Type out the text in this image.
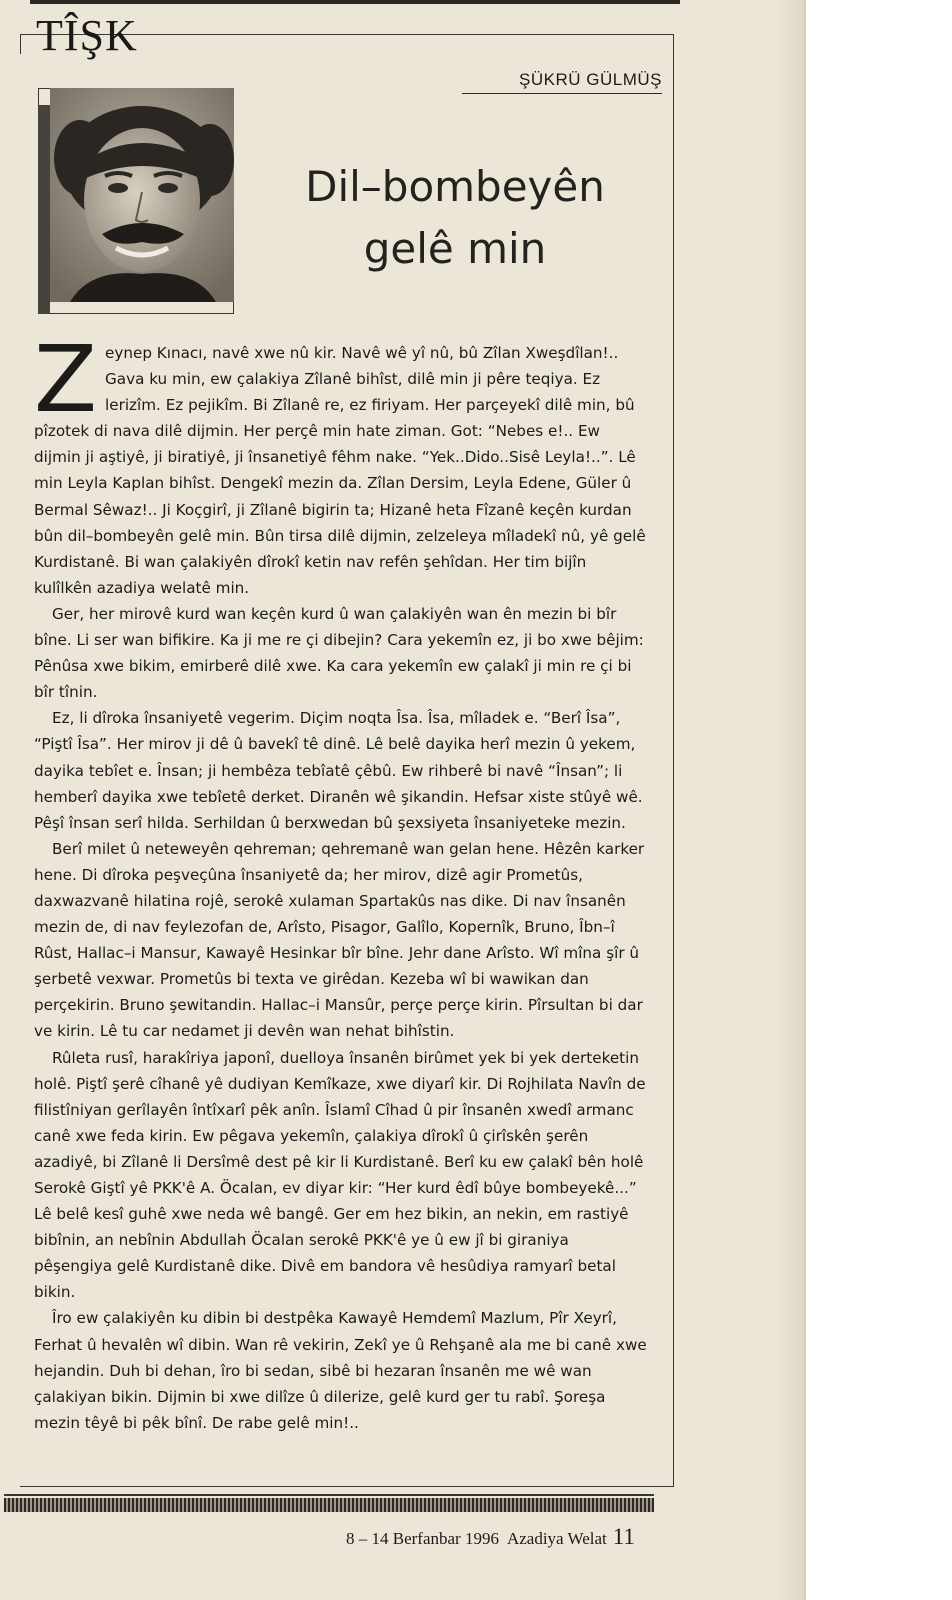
TÎŞK
ŞÜKRÜ GÜLMÜŞ
Dil–bombeyên
gelê min

Zeynep Kınacı, navê xwe nû kir. Navê wê yî nû, bû Zîlan Xweşdîlan!.. Gava ku min, ew çalakiya Zîlanê bihîst, dilê min ji pêre teqiya. Ez lerizîm. Ez pejikîm. Bi Zîlanê re, ez firiyam. Her parçeyekî dilê min, bû pîzotek di nava dilê dijmin. Her perçê min hate ziman. Got: “Nebes e!.. Ew dijmin ji aştiyê, ji biratiyê, ji însanetiyê fêhm nake. “Yek..Dido..Sisê Leyla!..”. Lê min Leyla Kaplan bihîst. Dengekî mezin da. Zîlan Dersim, Leyla Edene, Güler û Bermal Sêwaz!.. Ji Koçgirî, ji Zîlanê bigirin ta; Hizanê heta Fîzanê keçên kurdan bûn dil–bombeyên gelê min. Bûn tirsa dilê dijmin, zelzeleya mîladekî nû, yê gelê Kurdistanê. Bi wan çalakiyên dîrokî ketin nav refên şehîdan. Her tim bijîn kulîlkên azadiya welatê min.

Ger, her mirovê kurd wan keçên kurd û wan çalakiyên wan ên mezin bi bîr bîne. Li ser wan bifikire. Ka ji me re çi dibejin? Cara yekemîn ez, ji bo xwe bêjim: Pênûsa xwe bikim, emirberê dilê xwe. Ka cara yekemîn ew çalakî ji min re çi bi bîr tînin.

Ez, li dîroka însaniyetê vegerim. Diçim noqta Îsa. Îsa, mîladek e. “Berî Îsa”, “Piştî Îsa”. Her mirov ji dê û bavekî tê dinê. Lê belê dayika herî mezin û yekem, dayika tebîet e. Însan; ji hembêza tebîatê çêbû. Ew rihberê bi navê “Însan”; li hemberî dayika xwe tebîetê derket. Diranên wê şikandin. Hefsar xiste stûyê wê. Pêşî însan serî hilda. Serhildan û berxwedan bû şexsiyeta însaniyeteke mezin.

Berî milet û neteweyên qehreman; qehremanê wan gelan hene. Hêzên karker hene. Di dîroka peşveçûna însaniyetê da; her mirov, dizê agir Prometûs, daxwazvanê hilatina rojê, serokê xulaman Spartakûs nas dike. Di nav însanên mezin de, di nav feylezofan de, Arîsto, Pisagor, Galîlo, Kopernîk, Bruno, Îbn–î Rûst, Hallac–i Mansur, Kawayê Hesinkar bîr bîne. Jehr dane Arîsto. Wî mîna şîr û şerbetê vexwar. Prometûs bi texta ve girêdan. Kezeba wî bi wawikan dan perçekirin. Bruno şewitandin. Hallac–i Mansûr, perçe perçe kirin. Pîrsultan bi dar ve kirin. Lê tu car nedamet ji devên wan nehat bihîstin.

Rûleta rusî, harakîriya japonî, duelloya însanên birûmet yek bi yek derteketin holê. Piştî şerê cîhanê yê dudiyan Kemîkaze, xwe diyarî kir. Di Rojhilata Navîn de filistîniyan gerîlayên întîxarî pêk anîn. Îslamî Cîhad û pir însanên xwedî armanc canê xwe feda kirin. Ew pêgava yekemîn, çalakiya dîrokî û çirîskên şerên azadiyê, bi Zîlanê li Dersîmê dest pê kir li Kurdistanê. Berî ku ew çalakî bên holê Serokê Giştî yê PKK'ê A. Öcalan, ev diyar kir: “Her kurd êdî bûye bombeyekê...” Lê belê kesî guhê xwe neda wê bangê. Ger em hez bikin, an nekin, em rastiyê bibînin, an nebînin Abdullah Öcalan serokê PKK'ê ye û ew jî bi giraniya pêşengiya gelê Kurdistanê dike. Divê em bandora vê hesûdiya ramyarî betal bikin.

Îro ew çalakiyên ku dibin bi destpêka Kawayê Hemdemî Mazlum, Pîr Xeyrî, Ferhat û hevalên wî dibin. Wan rê vekirin, Zekî ye û Rehşanê ala me bi canê xwe hejandin. Duh bi dehan, îro bi sedan, sibê bi hezaran însanên me wê wan çalakiyan bikin. Dijmin bi xwe dilîze û dilerize, gelê kurd ger tu rabî. Şoreşa mezin têyê bi pêk bînî. De rabe gelê min!..

8 – 14 Berfanbar 1996 Azadiya Welat 11
